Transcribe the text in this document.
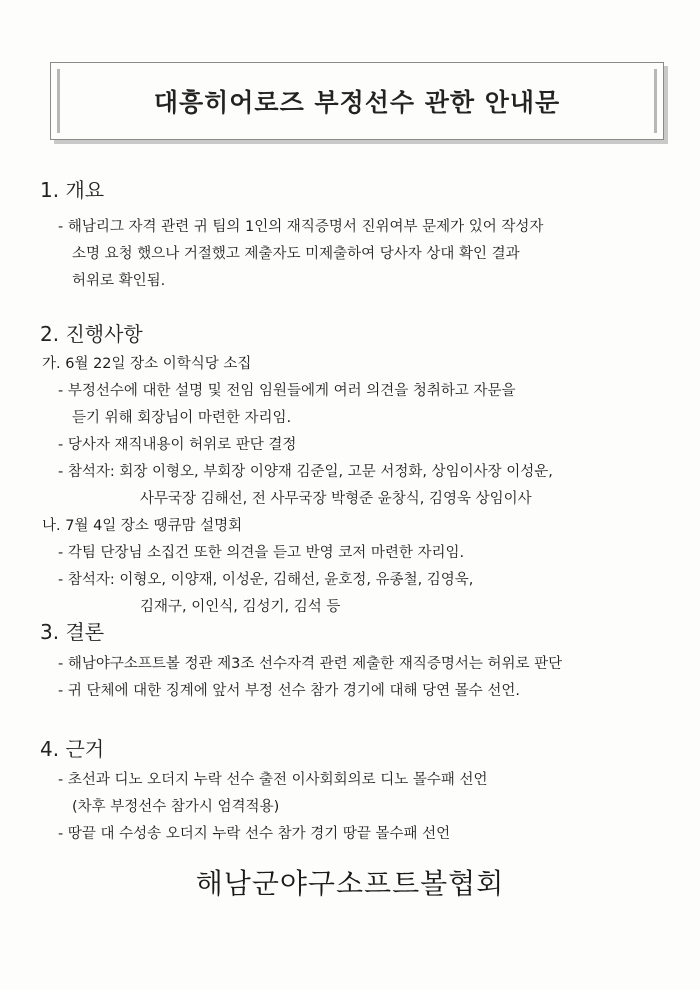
대흥히어로즈 부정선수 관한 안내문
1. 개요
- 해남리그 자격 관련 귀 팀의 1인의 재직증명서 진위여부 문제가 있어 작성자
소명 요청 했으나 거절했고 제출자도 미제출하여 당사자 상대 확인 결과
허위로 확인됨.
2. 진행사항
가. 6월 22일 장소 이학식당 소집
- 부정선수에 대한 설명 및 전임 임원들에게 여러 의견을 청취하고 자문을
듣기 위해 회장님이 마련한 자리임.
- 당사자 재직내용이 허위로 판단 결정
- 참석자: 회장 이형오, 부회장 이양재 김준일, 고문 서정화, 상임이사장 이성운,
사무국장 김해선, 전 사무국장 박형준 윤창식, 김영욱 상임이사
나. 7월 4일 장소 땡큐맘 설명회
- 각팀 단장님 소집건 또한 의견을 듣고 반영 코저 마련한 자리임.
- 참석자: 이형오, 이양재, 이성운, 김해선, 윤호정, 유종철, 김영욱,
김재구, 이인식, 김성기, 김석 등
3. 결론
- 해남야구소프트볼 정관 제3조 선수자격 관련 제출한 재직증명서는 허위로 판단
- 귀 단체에 대한 징계에 앞서 부정 선수 참가 경기에 대해 당연 몰수 선언.
4. 근거
- 초선과 디노 오더지 누락 선수 출전 이사회회의로 디노 몰수패 선언
(차후 부정선수 참가시 엄격적용)
- 땅끝 대 수성송 오더지 누락 선수 참가 경기 땅끝 몰수패 선언
해남군야구소프트볼협회
